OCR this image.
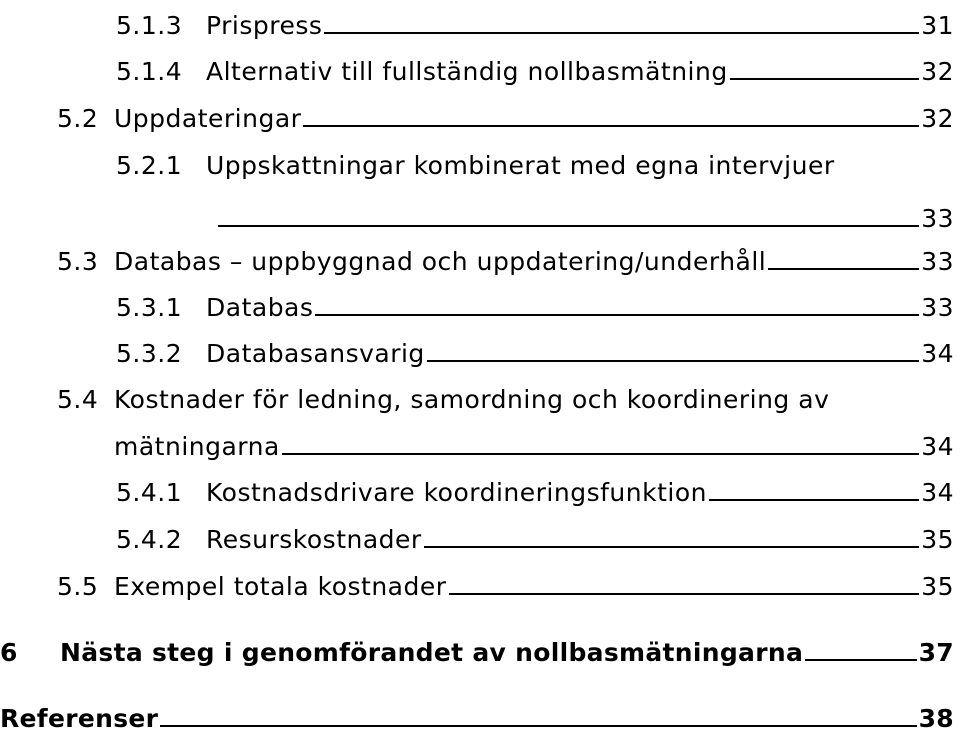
5.1.3 Prispress	31
5.1.4 Alternativ till fullständig nollbasmätning	32
5.2 Uppdateringar	32
5.2.1 Uppskattningar kombinerat med egna intervjuer
33
5.3 Databas – uppbyggnad och uppdatering/underhåll	33
5.3.1 Databas	33
5.3.2 Databasansvarig	34
5.4 Kostnader för ledning, samordning och koordinering av
mätningarna	34
5.4.1 Kostnadsdrivare koordineringsfunktion	34
5.4.2 Resurskostnader	35
5.5 Exempel totala kostnader	35
6	Nästa steg i genomförandet av nollbasmätningarna	37
Referenser	38
